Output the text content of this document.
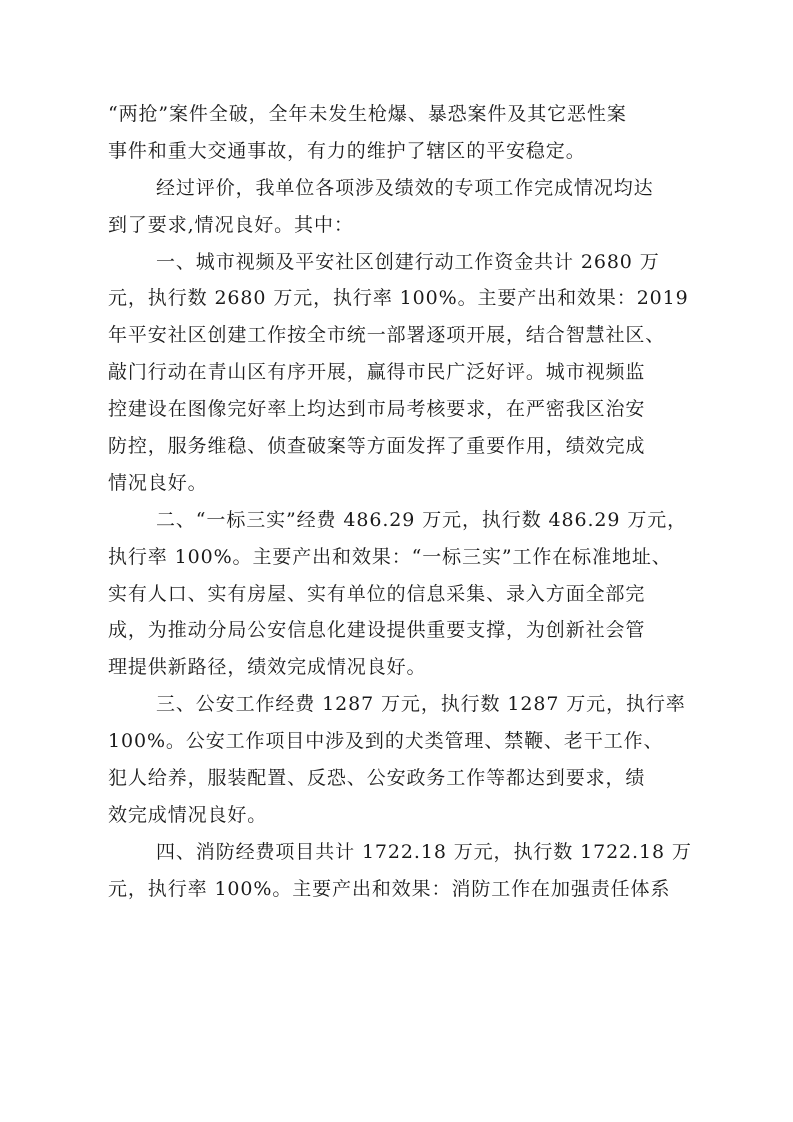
“两抢”案件全破，全年未发生枪爆、暴恐案件及其它恶性案
事件和重大交通事故，有力的维护了辖区的平安稳定。
经过评价，我单位各项涉及绩效的专项工作完成情况均达
到了要求,情况良好。其中：
一、城市视频及平安社区创建行动工作资金共计 2680 万
元，执行数 2680 万元，执行率 100%。主要产出和效果：2019
年平安社区创建工作按全市统一部署逐项开展，结合智慧社区、
敲门行动在青山区有序开展，赢得市民广泛好评。城市视频监
控建设在图像完好率上均达到市局考核要求，在严密我区治安
防控，服务维稳、侦查破案等方面发挥了重要作用，绩效完成
情况良好。
二、“一标三实”经费 486.29 万元，执行数 486.29 万元，
执行率 100%。主要产出和效果：“一标三实”工作在标准地址、
实有人口、实有房屋、实有单位的信息采集、录入方面全部完
成，为推动分局公安信息化建设提供重要支撑，为创新社会管
理提供新路径，绩效完成情况良好。
三、公安工作经费 1287 万元，执行数 1287 万元，执行率
100%。公安工作项目中涉及到的犬类管理、禁鞭、老干工作、
犯人给养，服装配置、反恐、公安政务工作等都达到要求，绩
效完成情况良好。
四、消防经费项目共计 1722.18 万元，执行数 1722.18 万
元，执行率 100%。主要产出和效果：消防工作在加强责任体系
